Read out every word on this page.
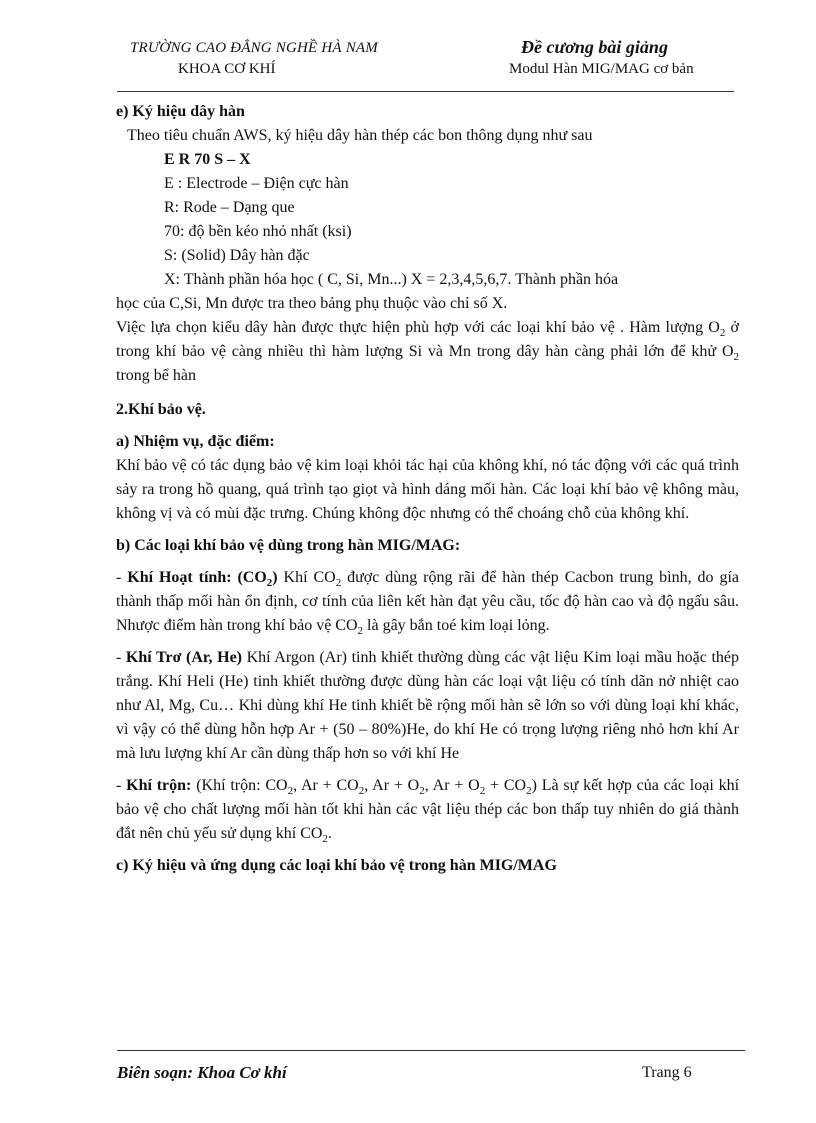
TRƯỜNG CAO ĐẲNG NGHỀ HÀ NAM
KHOA CƠ KHÍ
Đề cương bài giảng
Modul Hàn MIG/MAG cơ bản

e) Ký hiệu dây hàn

Theo tiêu chuẩn AWS, ký hiệu dây hàn thép các bon thông dụng như sau

E R 70 S – X

E : Electrode – Điện cực hàn

R: Rode – Dạng que

70: độ bền kéo nhỏ nhất (ksi)

S: (Solid) Dây hàn đặc

X: Thành phần hóa học ( C, Si, Mn...) X = 2,3,4,5,6,7. Thành phần hóa

học của C,Si, Mn được tra theo bảng phụ thuộc vào chỉ số X.

Việc lựa chọn kiểu dây hàn được thực hiện phù hợp với các loại khí bảo vệ . Hàm lượng $O_2$ ở trong khí bảo vệ càng nhiều thì hàm lượng Si và Mn trong dây hàn càng phải lớn để khử $O_2$ trong bể hàn

2.Khí bảo vệ.

a) Nhiệm vụ, đặc điểm:

Khí bảo vệ có tác dụng bảo vệ kim loại khỏi tác hại của không khí, nó tác động với các quá trình sảy ra trong hồ quang, quá trình tạo giọt và hình dáng mối hàn. Các loại khí bảo vệ không màu, không vị và có mùi đặc trưng. Chúng không độc nhưng có thể choáng chỗ của không khí.

b) Các loại khí bảo vệ dùng trong hàn MIG/MAG:

- Khí Hoạt tính: $(CO_2)$ Khí $CO_2$ được dùng rộng rãi để hàn thép Cacbon trung bình, do gía thành thấp mối hàn ổn định, cơ tính của liên kết hàn đạt yêu cầu, tốc độ hàn cao và độ ngấu sâu. Nhược điểm hàn trong khí bảo vệ $CO_2$ là gây bắn toé kim loại lỏng.

- Khí Trơ (Ar, He) Khí Argon (Ar) tinh khiết thường dùng các vật liệu Kim loại mầu hoặc thép trắng. Khí Heli (He) tinh khiết thường được dùng hàn các loại vật liệu có tính dãn nở nhiệt cao như Al, Mg, Cu… Khi dùng khí He tinh khiết bề rộng mối hàn sẽ lớn so với dùng loại khí khác, vì vậy có thể dùng hỗn hợp Ar + (50 – 80%)He, do khí He có trọng lượng riêng nhỏ hơn khí Ar mà lưu lượng khí Ar cần dùng thấp hơn so với khí He

- Khí trộn: (Khí trộn: $CO_2$, $Ar + CO_2$, $Ar + O_2$, $Ar + O_2 + CO_2$) Là sự kết hợp của các loại khí bảo vệ cho chất lượng mối hàn tốt khi hàn các vật liệu thép các bon thấp tuy nhiên do giá thành đắt nên chủ yếu sử dụng khí $CO_2$.

c) Ký hiệu và ứng dụng các loại khí bảo vệ trong hàn MIG/MAG

Biên soạn: Khoa Cơ khí	Trang 6
